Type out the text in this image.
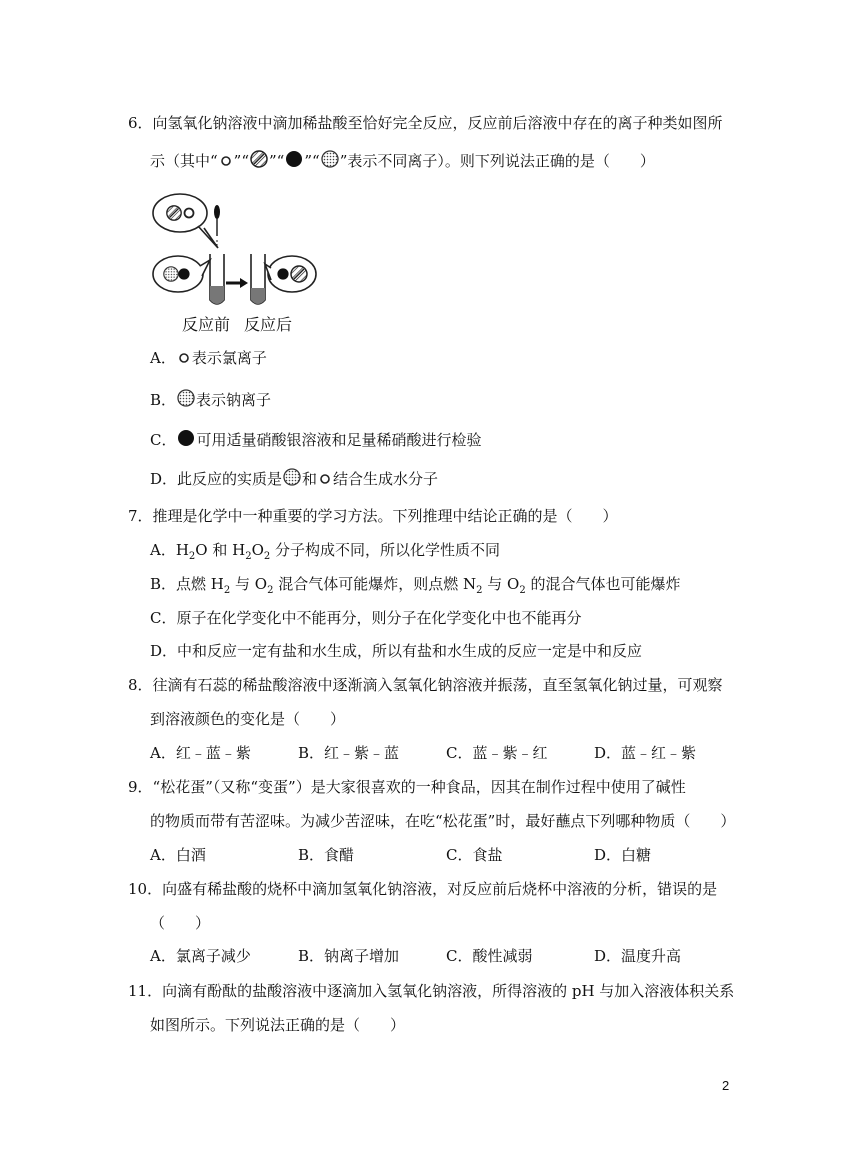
6．向氢氧化钠溶液中滴加稀盐酸至恰好完全反应，反应前后溶液中存在的离子种类如图所
示（其中“ ”“ ”“ ”“ ”表示不同离子）。则下列说法正确的是（　　）
反应前 反应后
A． 表示氯离子
B． 表示钠离子
C． 可用适量硝酸银溶液和足量稀硝酸进行检验
D．此反应的实质是 和 结合生成水分子
7．推理是化学中一种重要的学习方法。下列推理中结论正确的是（　　）
A．$H_2O$ 和 $H_2O_2$ 分子构成不同，所以化学性质不同
B．点燃 $H_2$ 与 $O_2$ 混合气体可能爆炸，则点燃 $N_2$ 与 $O_2$ 的混合气体也可能爆炸
C．原子在化学变化中不能再分，则分子在化学变化中也不能再分
D．中和反应一定有盐和水生成，所以有盐和水生成的反应一定是中和反应
8．往滴有石蕊的稀盐酸溶液中逐渐滴入氢氧化钠溶液并振荡，直至氢氧化钠过量，可观察
到溶液颜色的变化是（　　）
A．红﹣蓝﹣紫	B．红﹣紫﹣蓝	C．蓝﹣紫﹣红	D．蓝﹣红﹣紫
9．“松花蛋”（又称“变蛋”）是大家很喜欢的一种食品，因其在制作过程中使用了碱性
的物质而带有苦涩味。为减少苦涩味，在吃“松花蛋”时，最好蘸点下列哪种物质（　　）
A．白酒	B．食醋	C．食盐	D．白糖
10．向盛有稀盐酸的烧杯中滴加氢氧化钠溶液，对反应前后烧杯中溶液的分析，错误的是
（　　）
A．氯离子减少	B．钠离子增加	C．酸性减弱	D．温度升高
11．向滴有酚酞的盐酸溶液中逐滴加入氢氧化钠溶液，所得溶液的 pH 与加入溶液体积关系
如图所示。下列说法正确的是（　　）
2
